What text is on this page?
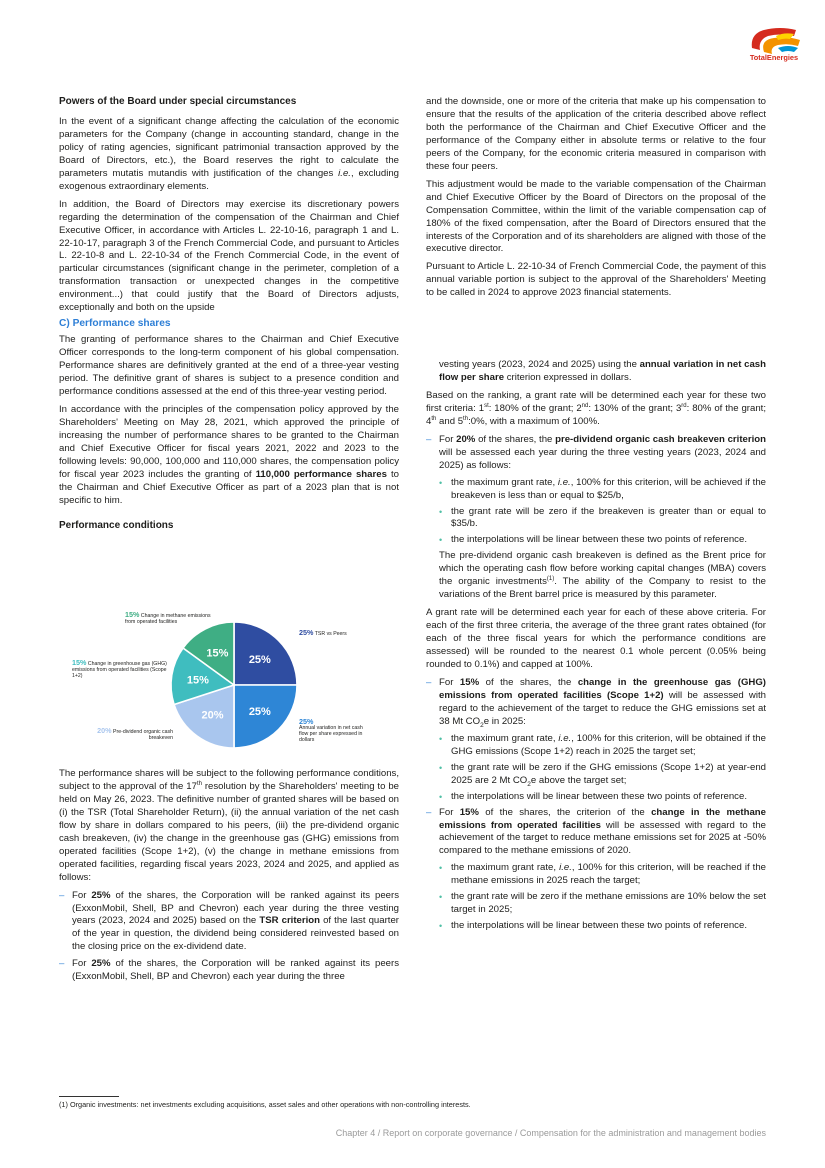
TotalEnergies
Powers of the Board under special circumstances

In the event of a significant change affecting the calculation of the economic parameters for the Company (change in accounting standard, change in the policy of rating agencies, significant patrimonial transaction approved by the Board of Directors, etc.), the Board reserves the right to calculate the parameters mutatis mutandis with justification of the changes i.e., excluding exogenous extraordinary elements.

In addition, the Board of Directors may exercise its discretionary powers regarding the determination of the compensation of the Chairman and Chief Executive Officer, in accordance with Articles L. 22-10-16, paragraph 1 and L. 22-10-17, paragraph 3 of the French Commercial Code, and pursuant to Articles L. 22-10-8 and L. 22-10-34 of the French Commercial Code, in the event of particular circumstances (significant change in the perimeter, completion of a transformation transaction or unexpected changes in the competitive environment...) that could justify that the Board of Directors adjusts, exceptionally and both on the upside

C) Performance shares

The granting of performance shares to the Chairman and Chief Executive Officer corresponds to the long-term component of his global compensation. Performance shares are definitively granted at the end of a three-year vesting period. The definitive grant of shares is subject to a presence condition and performance conditions assessed at the end of this three-year vesting period.

In accordance with the principles of the compensation policy approved by the Shareholders' Meeting on May 28, 2021, which approved the principle of increasing the number of performance shares to be granted to the Chairman and Chief Executive Officer for fiscal years 2021, 2022 and 2023 to the following levels: 90,000, 100,000 and 110,000 shares, the compensation policy for fiscal year 2023 includes the granting of 110,000 performance shares to the Chairman and Chief Executive Officer as part of a 2023 plan that is not specific to him.

Performance conditions
25%
25%
20%
15%
15%
15% Change in methane emissions from operated facilities
15% Change in greenhouse gas (GHG) emissions from operated facilities (Scope 1+2)
20% Pre-dividend organic cash breakeven
25% TSR vs Peers
25%
Annual variation in net cash flow per share expressed in dollars

The performance shares will be subject to the following performance conditions, subject to the approval of the 17th resolution by the Shareholders' meeting to be held on May 26, 2023. The definitive number of granted shares will be based on (i) the TSR (Total Shareholder Return), (ii) the annual variation of the net cash flow by share in dollars compared to his peers, (iii) the pre-dividend organic cash breakeven, (iv) the change in the greenhouse gas (GHG) emissions from operated facilities (Scope 1+2), (v) the change in methane emissions from operated facilities, regarding fiscal years 2023, 2024 and 2025, and applied as follows:

– For 25% of the shares, the Corporation will be ranked against its peers (ExxonMobil, Shell, BP and Chevron) each year during the three vesting years (2023, 2024 and 2025) based on the TSR criterion of the last quarter of the year in question, the dividend being considered reinvested based on the closing price on the ex-dividend date.
– For 25% of the shares, the Corporation will be ranked against its peers (ExxonMobil, Shell, BP and Chevron) each year during the three

and the downside, one or more of the criteria that make up his compensation to ensure that the results of the application of the criteria described above reflect both the performance of the Chairman and Chief Executive Officer and the performance of the Company either in absolute terms or relative to the four peers of the Company, for the economic criteria measured in comparison with these four peers.

This adjustment would be made to the variable compensation of the Chairman and Chief Executive Officer by the Board of Directors on the proposal of the Compensation Committee, within the limit of the variable compensation cap of 180% of the fixed compensation, after the Board of Directors ensured that the interests of the Corporation and of its shareholders are aligned with those of the executive director.

Pursuant to Article L. 22-10-34 of French Commercial Code, the payment of this annual variable portion is subject to the approval of the Shareholders' Meeting to be called in 2024 to approve 2023 financial statements.

vesting years (2023, 2024 and 2025) using the annual variation in net cash flow per share criterion expressed in dollars.

Based on the ranking, a grant rate will be determined each year for these two first criteria: 1st: 180% of the grant; 2nd: 130% of the grant; 3rd: 80% of the grant; 4th and 5th:0%, with a maximum of 100%.

– For 20% of the shares, the pre-dividend organic cash breakeven criterion will be assessed each year during the three vesting years (2023, 2024 and 2025) as follows:
• the maximum grant rate, i.e., 100% for this criterion, will be achieved if the breakeven is less than or equal to $25/b,
• the grant rate will be zero if the breakeven is greater than or equal to $35/b.
• the interpolations will be linear between these two points of reference.

The pre-dividend organic cash breakeven is defined as the Brent price for which the operating cash flow before working capital changes (MBA) covers the organic investments$^{(1)}$. The ability of the Company to resist to the variations of the Brent barrel price is measured by this parameter.

A grant rate will be determined each year for each of these above criteria. For each of the first three criteria, the average of the three grant rates obtained (for each of the three fiscal years for which the performance conditions are assessed) will be rounded to the nearest 0.1 whole percent (0.05% being rounded to 0.1%) and capped at 100%.

– For 15% of the shares, the change in the greenhouse gas (GHG) emissions from operated facilities (Scope 1+2) will be assessed with regard to the achievement of the target to reduce the GHG emissions set at 38 Mt $CO_2e$ in 2025:
• the maximum grant rate, i.e., 100% for this criterion, will be obtained if the GHG emissions (Scope 1+2) reach in 2025 the target set;
• the grant rate will be zero if the GHG emissions (Scope 1+2) at year-end 2025 are 2 Mt $CO_2e$ above the target set;
• the interpolations will be linear between these two points of reference.
– For 15% of the shares, the criterion of the change in the methane emissions from operated facilities will be assessed with regard to the achievement of the target to reduce methane emissions set for 2025 at -50% compared to the methane emissions of 2020.
• the maximum grant rate, i.e., 100% for this criterion, will be reached if the methane emissions in 2025 reach the target;
• the grant rate will be zero if the methane emissions are 10% below the set target in 2025;
• the interpolations will be linear between these two points of reference.
(1) Organic investments: net investments excluding acquisitions, asset sales and other operations with non-controlling interests.
Chapter 4 / Report on corporate governance / Compensation for the administration and management bodies
